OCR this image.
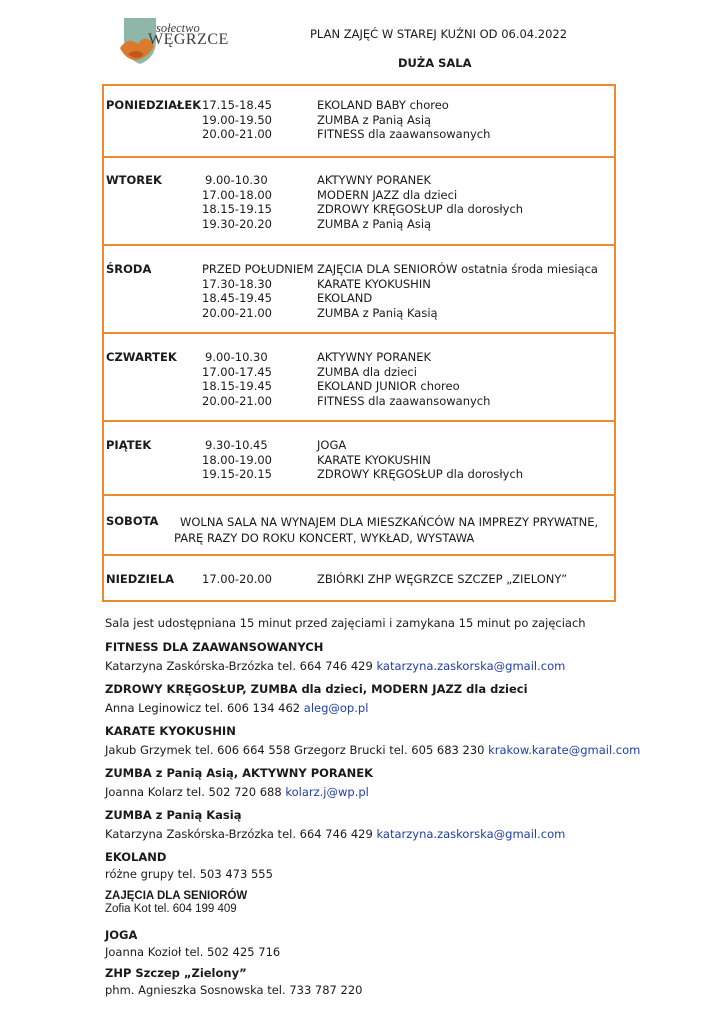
sołectwo
WĘGRZCE	PLAN ZAJĘĆ W STAREJ KUŹNI OD 06.04.2022
DUŻA SALA
PONIEDZIAŁEK 17.15-18.45	EKOLAND BABY choreo
19.00-19.50	ZUMBA z Panią Asią
20.00-21.00	FITNESS dla zaawansowanych
WTOREK	9.00-10.30	AKTYWNY PORANEK
17.00-18.00	MODERN JAZZ dla dzieci
18.15-19.15	ZDROWY KRĘGOSŁUP dla dorosłych
19.30-20.20	ZUMBA z Panią Asią
ŚRODA	PRZED POŁUDNIEM ZAJĘCIA DLA SENIORÓW ostatnia środa miesiąca
17.30-18.30	KARATE KYOKUSHIN
18.45-19.45	EKOLAND
20.00-21.00	ZUMBA z Panią Kasią
CZWARTEK 9.00-10.30	AKTYWNY PORANEK
17.00-17.45	ZUMBA dla dzieci
18.15-19.45	EKOLAND JUNIOR choreo
20.00-21.00	FITNESS dla zaawansowanych
PIĄTEK	9.30-10.45	JOGA
18.00-19.00	KARATE KYOKUSHIN
19.15-20.15	ZDROWY KRĘGOSŁUP dla dorosłych
SOBOTA	WOLNA SALA NA WYNAJEM DLA MIESZKAŃCÓW NA IMPREZY PRYWATNE,
PARĘ RAZY DO ROKU KONCERT, WYKŁAD, WYSTAWA
NIEDZIELA 17.00-20.00	ZBIÓRKI ZHP WĘGRZCE SZCZEP „ZIELONY”
Sala jest udostępniana 15 minut przed zajęciami i zamykana 15 minut po zajęciach
FITNESS DLA ZAAWANSOWANYCH
Katarzyna Zaskórska-Brzózka tel. 664 746 429 katarzyna.zaskorska@gmail.com
ZDROWY KRĘGOSŁUP, ZUMBA dla dzieci, MODERN JAZZ dla dzieci
Anna Leginowicz tel. 606 134 462 aleg@op.pl
KARATE KYOKUSHIN
Jakub Grzymek tel. 606 664 558 Grzegorz Brucki tel. 605 683 230 krakow.karate@gmail.com
ZUMBA z Panią Asią, AKTYWNY PORANEK
Joanna Kolarz tel. 502 720 688 kolarz.j@wp.pl
ZUMBA z Panią Kasią
Katarzyna Zaskórska-Brzózka tel. 664 746 429 katarzyna.zaskorska@gmail.com
EKOLAND
różne grupy tel. 503 473 555
ZAJĘCIA DLA SENIORÓW
Zofia Kot tel. 604 199 409
JOGA
Joanna Kozioł tel. 502 425 716
ZHP Szczep „Zielony”
phm. Agnieszka Sosnowska tel. 733 787 220
